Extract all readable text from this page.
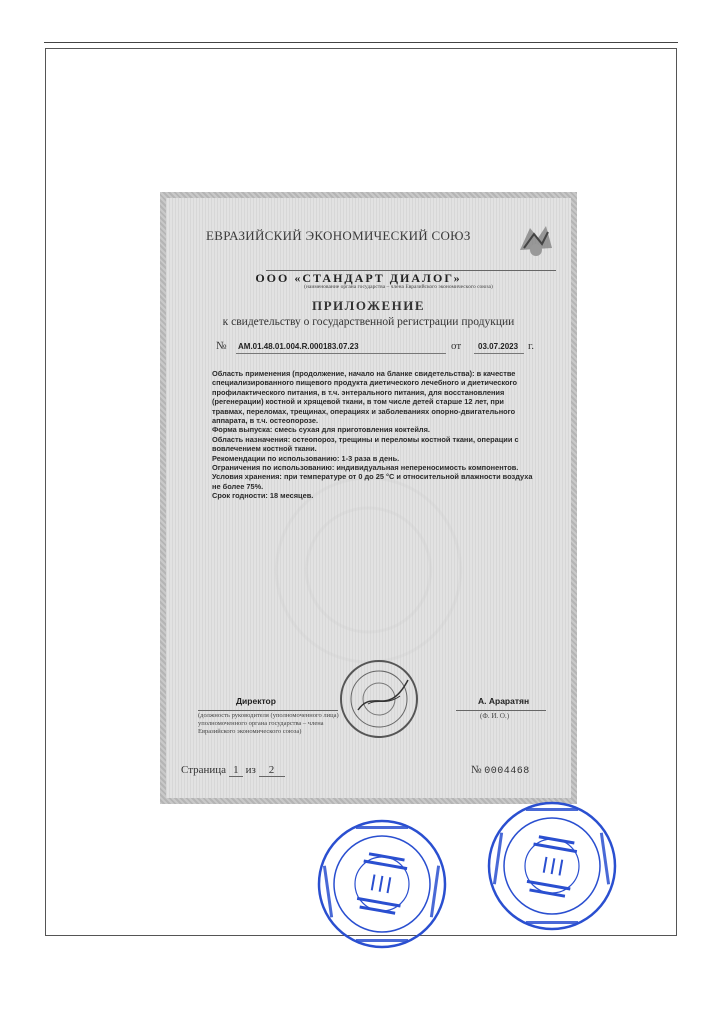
ЕВРАЗИЙСКИЙ ЭКОНОМИЧЕСКИЙ СОЮЗ
ООО «СТАНДАРТ ДИАЛОГ»
(наименование органа государства – члена Евразийского экономического союза)
ПРИЛОЖЕНИЕ
к свидетельству о государственной регистрации продукции
№ AM.01.48.01.004.R.000183.07.23	от 03.07.2023 г.

Область применения (продолжение, начало на бланке свидетельства): в качестве специализированного пищевого продукта диетического лечебного и диетического профилактического питания, в т.ч. энтерального питания, для восстановления (регенерации) костной и хрящевой ткани, в том числе детей старше 12 лет, при травмах, переломах, трещинах, операциях и заболеваниях опорно-двигательного аппарата, в т.ч. остеопорозе.

Форма выпуска: смесь сухая для приготовления коктейля.

Область назначения: остеопороз, трещины и переломы костной ткани, операции с вовлечением костной ткани.

Рекомендации по использованию: 1-3 раза в день.

Ограничения по использованию: индивидуальная непереносимость компонентов.

Условия хранения: при температуре от 0 до 25 °С и относительной влажности воздуха не более 75%.

Срок годности: 18 месяцев.

Директор	А. Араратян
(должность руководителя (уполномоченного лица) уполномоченного органа государства – члена Евразийского экономического союза)
(Ф. И. О.)
Страница 1 из 2	№ 0004468
